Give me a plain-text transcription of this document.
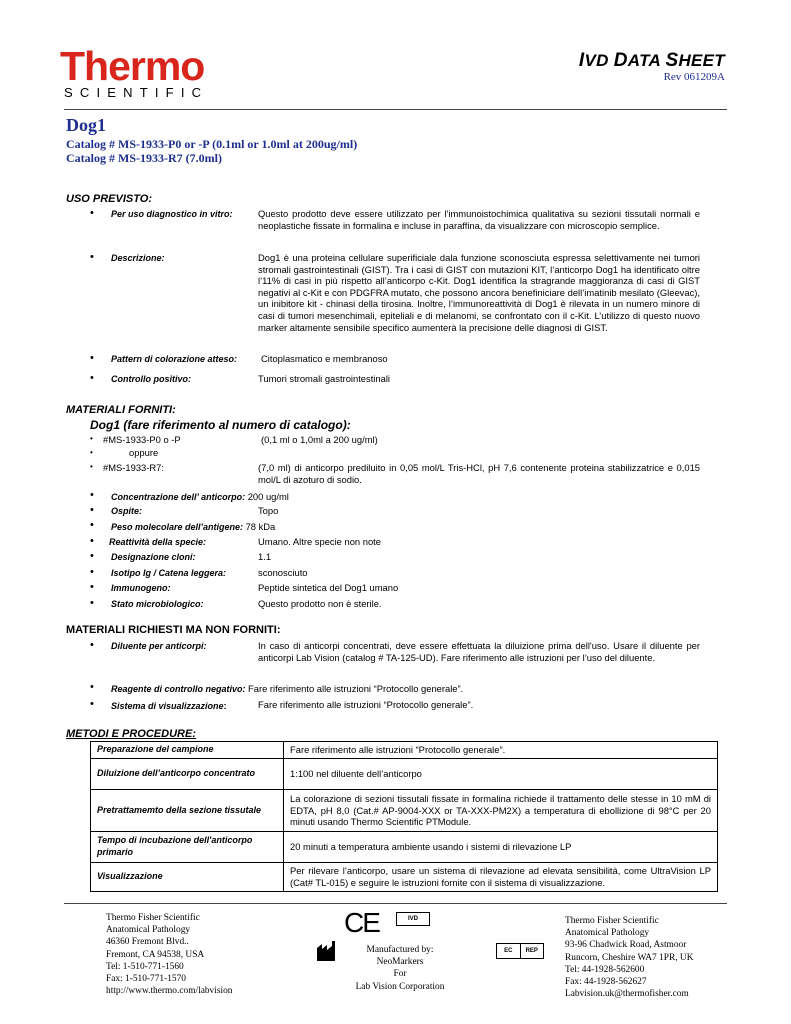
Thermo
SCIENTIFIC
IVD DATA SHEET
Rev 061209A
Dog1
Catalog # MS-1933-P0 or -P (0.1ml or 1.0ml at 200ug/ml)
Catalog # MS-1933-R7 (7.0ml)
USO PREVISTO:
• Per uso diagnostico in vitro:	Questo prodotto deve essere utilizzato per l'immunoistochimica qualitativa su sezioni tissutali normali e neoplastiche fissate in formalina e incluse in paraffina, da visualizzare con microscopio semplice.
• Descrizione:	Dog1 è una proteina cellulare superificiale dala funzione sconosciuta espressa selettivamente nei tumori stromali gastrointestinali (GIST). Tra i casi di GIST con mutazioni KIT, l’anticorpo Dog1 ha identificato oltre l’11% di casi in più rispetto all’anticorpo c-Kit. Dog1 identifica la stragrande maggioranza di casi di GIST negativi al c-Kit e con PDGFRA mutato, che possono ancora benefiniciare dell’imatinib mesilato (Gleevac), un inibitore kit - chinasi della tirosina. Inoltre, l’immunoreattività di Dog1 è rilevata in un numero minore di casi di tumori mesenchimali, epiteliali e di melanomi, se confrontato con il c-Kit. L’utilizzo di questo nuovo marker altamente sensibile specifico aumenterà la precisione delle diagnosi di GIST.
• Pattern di colorazione atteso:	Citoplasmatico e membranoso
• Controllo positivo:	Tumori stromali gastrointestinali
MATERIALI FORNITI:
Dog1 (fare riferimento al numero di catalogo):
• #MS-1933-P0 o -P	(0,1 ml o 1,0ml a 200 ug/ml)
•	oppure
• #MS-1933-R7:	(7,0 ml) di anticorpo prediluito in 0,05 mol/L Tris-HCl, pH 7,6 contenente proteina stabilizzatrice e 0,015 mol/L di azoturo di sodio.
• Concentrazione dell’ anticorpo: 200 ug/ml
• Ospite:	Topo
• Peso molecolare dell’antigene: 78 kDa
• Reattività della specie:	Umano. Altre specie non note
• Designazione cloni:	1.1
• Isotipo Ig / Catena leggera:	sconosciuto
• Immunogeno:	Peptide sintetica del Dog1 umano
• Stato microbiologico:	Questo prodotto non è sterile.
MATERIALI RICHIESTI MA NON FORNITI:
• Diluente per anticorpi:	In caso di anticorpi concentrati, deve essere effettuata la diluizione prima dell'uso. Usare il diluente per anticorpi Lab Vision (catalog # TA-125-UD). Fare riferimento alle istruzioni per l’uso del diluente.
• Reagente di controllo negativo: Fare riferimento alle istruzioni “Protocollo generale”.
• Sistema di visualizzazione:	Fare riferimento alle istruzioni “Protocollo generale”.
METODI E PROCEDURE:
Preparazione del campione	Fare riferimento alle istruzioni “Protocollo generale”.
Diluizione dell’anticorpo concentrato	1:100 nel diluente dell’anticorpo
Pretrattamemto della sezione tissutale	La colorazione di sezioni tissutali fissate in formalina richiede il trattamento delle stesse in 10 mM di EDTA, pH 8,0 (Cat.# AP-9004-XXX or TA-XXX-PM2X) a temperatura di ebollizione di 98°C per 20 minuti usando Thermo Scientific PTModule.
Tempo di incubazione dell'anticorpo primario	20 minuti a temperatura ambiente usando i sistemi di rilevazione LP
Visualizzazione	Per rilevare l’anticorpo, usare un sistema di rilevazione ad elevata sensibilità, come UltraVision LP (Cat# TL-015) e seguire le istruzioni fornite con il sistema di visualizzazione.
Thermo Fisher Scientific
Anatomical Pathology
46360 Fremont Blvd..
Fremont, CA 94538, USA
Tel: 1-510-771-1560
Fax: 1-510-771-1570
http://www.thermo.com/labvision
CE	IVD
Manufactured by:
NeoMarkers
For
Lab Vision Corporation
EC	REP
Thermo Fisher Scientific
Anatomical Pathology
93-96 Chadwick Road, Astmoor
Runcorn, Cheshire WA7 1PR, UK
Tel: 44-1928-562600
Fax: 44-1928-562627
Labvision.uk@thermofisher.com
